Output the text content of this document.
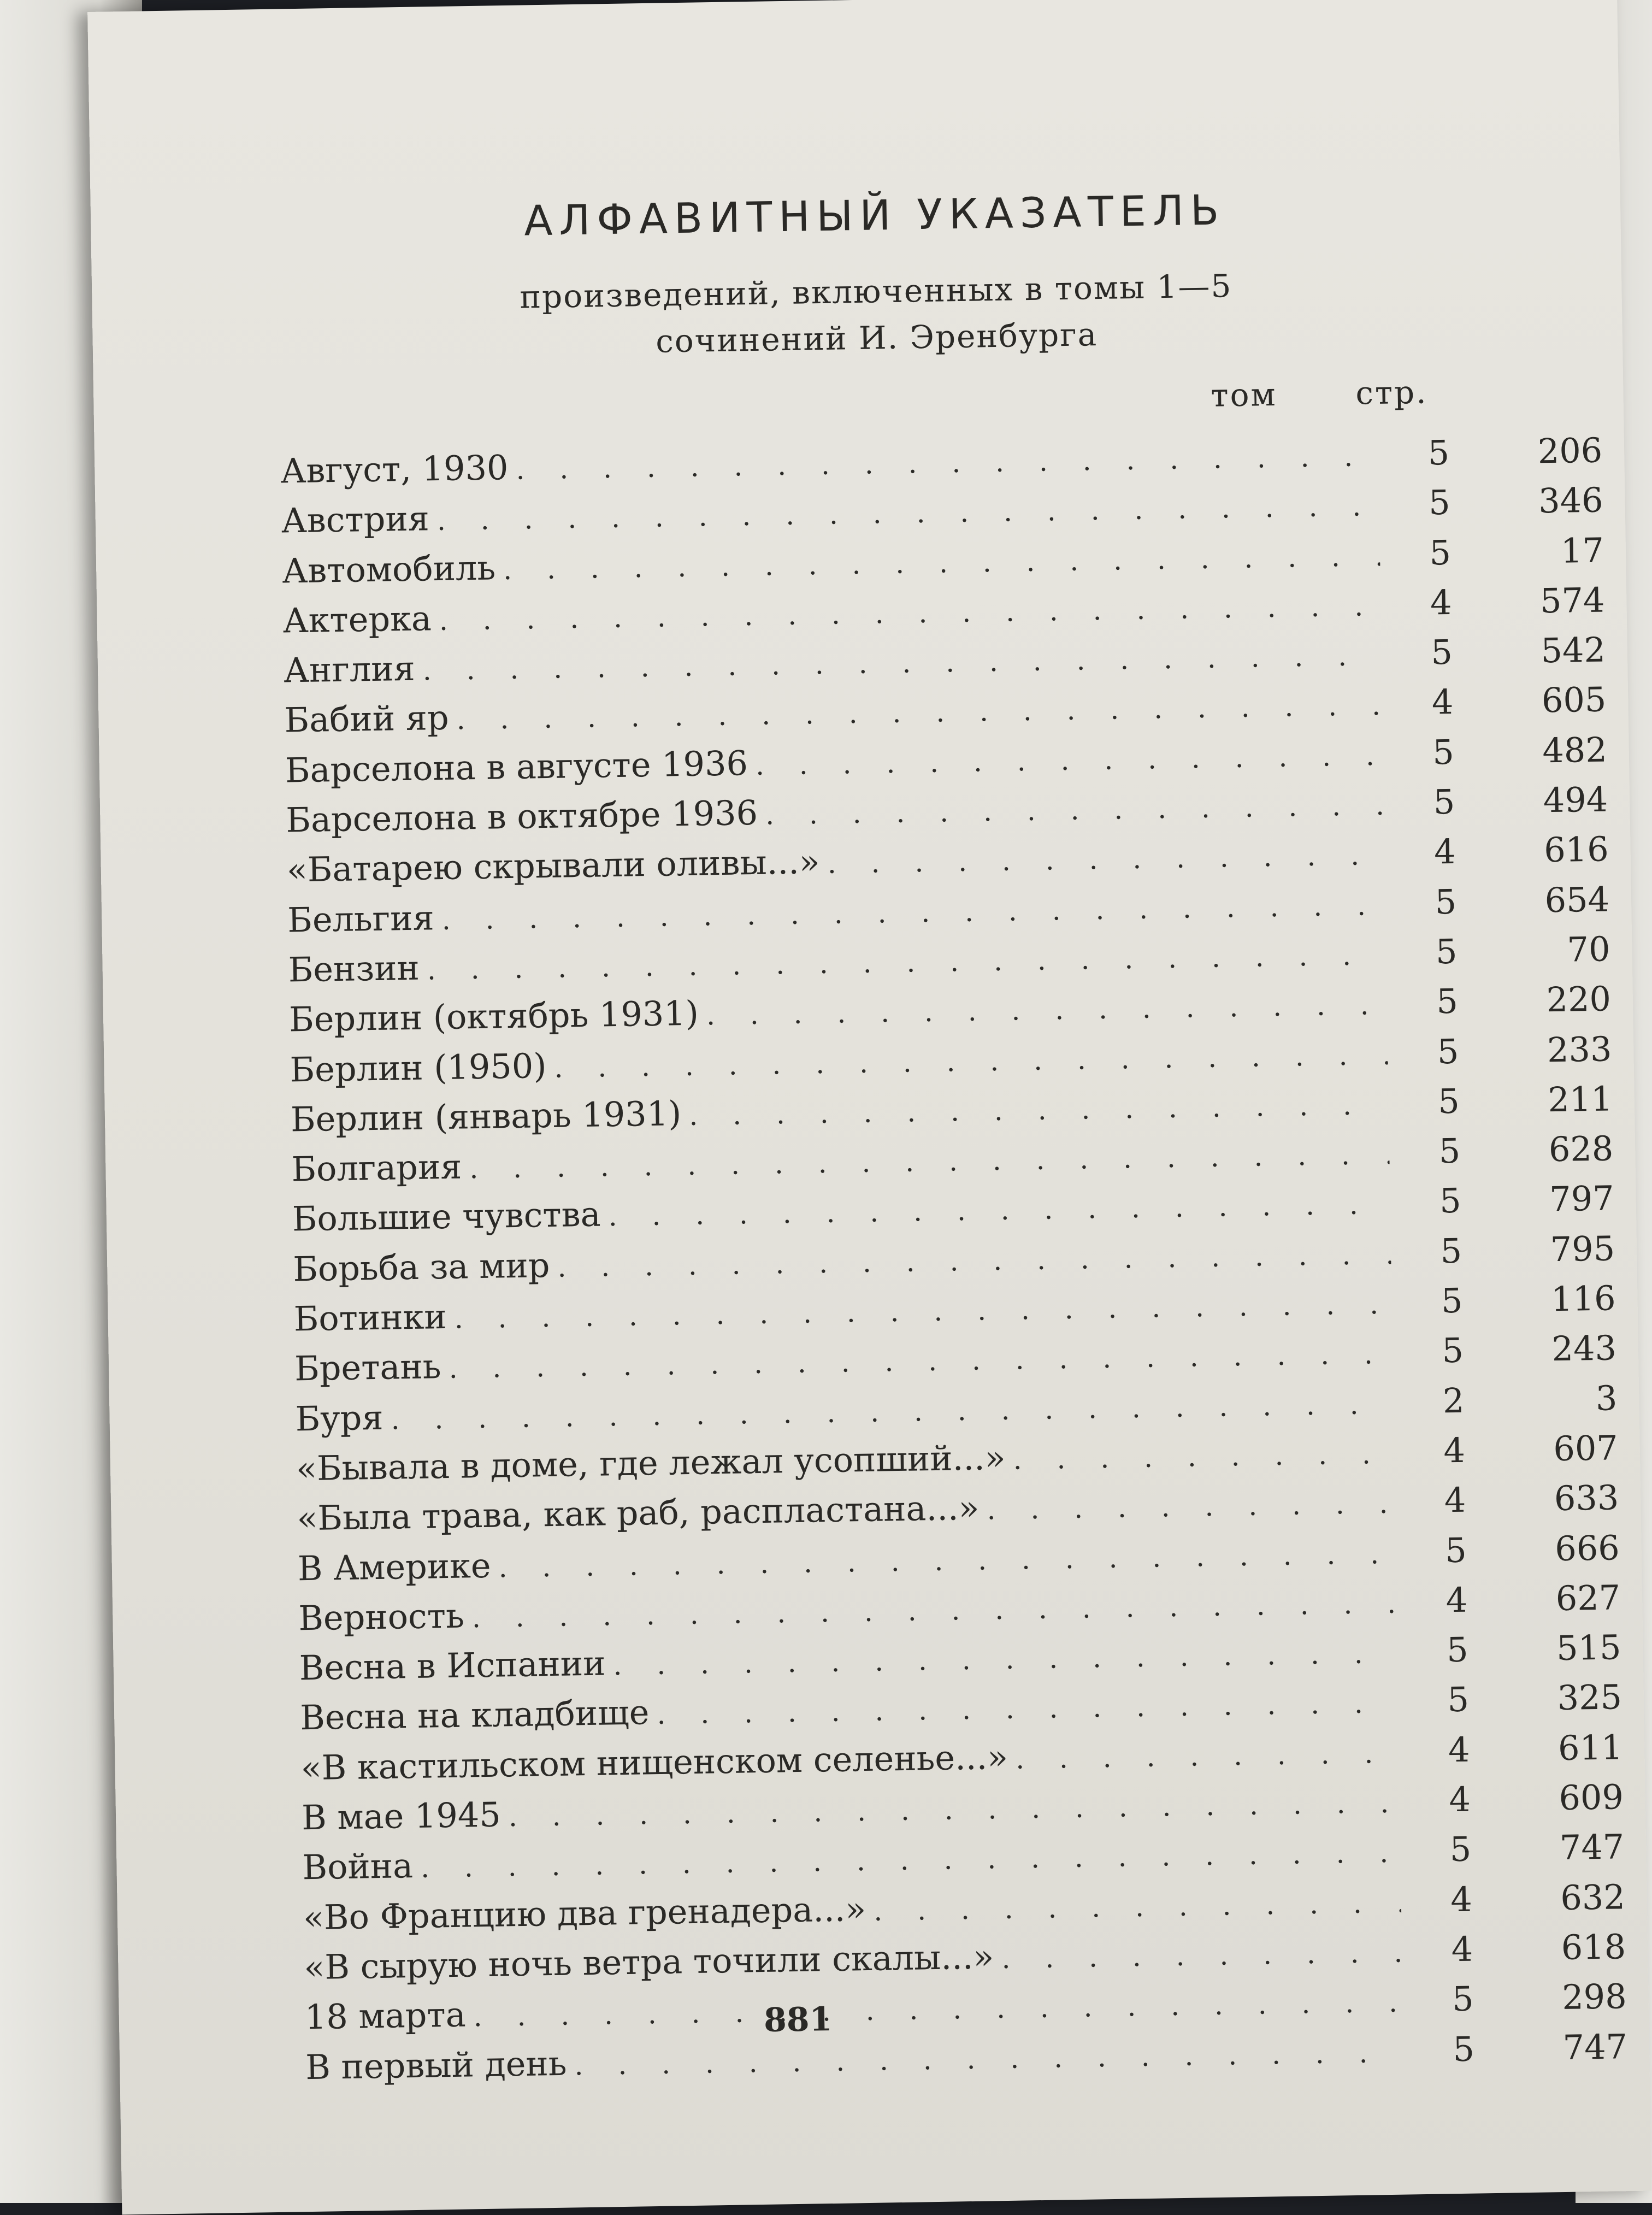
АЛФАВИТНЫЙ УКАЗАТЕЛЬ
произведений, включенных в томы 1—5
сочинений И. Эренбурга
том стр.
Август, 1930 . . .	5	206
Австрия . . .	5	346
Автомобиль . . .	5	17
Актерка . . .	4	574
Англия . . .	5	542
Бабий яр . . .	4	605
Барселона в августе 1936 . . .	5	482
Барселона в октябре 1936 . . .	5	494
«Батарею скрывали оливы...» . . .	4	616
Бельгия . . .	5	654
Бензин . . .	5	70
Берлин (октябрь 1931) . . .	5	220
Берлин (1950) . . .	5	233
Берлин (январь 1931) . . .	5	211
Болгария . . .	5	628
Большие чувства . . .	5	797
Борьба за мир . . .	5	795
Ботинки . . .	5	116
Бретань . . .	5	243
Буря . . .	2	3
«Бывала в доме, где лежал усопший...» . . .	4	607
«Была трава, как раб, распластана...» . . .	4	633
В Америке . . .	5	666
Верность . . .	4	627
Весна в Испании . . .	5	515
Весна на кладбище . . .	5	325
«В кастильском нищенском селенье...» . . .	4	611
В мае 1945 . . .	4	609
Война . . .	5	747
«Во Францию два гренадера...» . . .	4	632
«В сырую ночь ветра точили скалы...» . . .	4	618
18 марта . . .	5	298
В первый день . . .	5	747
881
